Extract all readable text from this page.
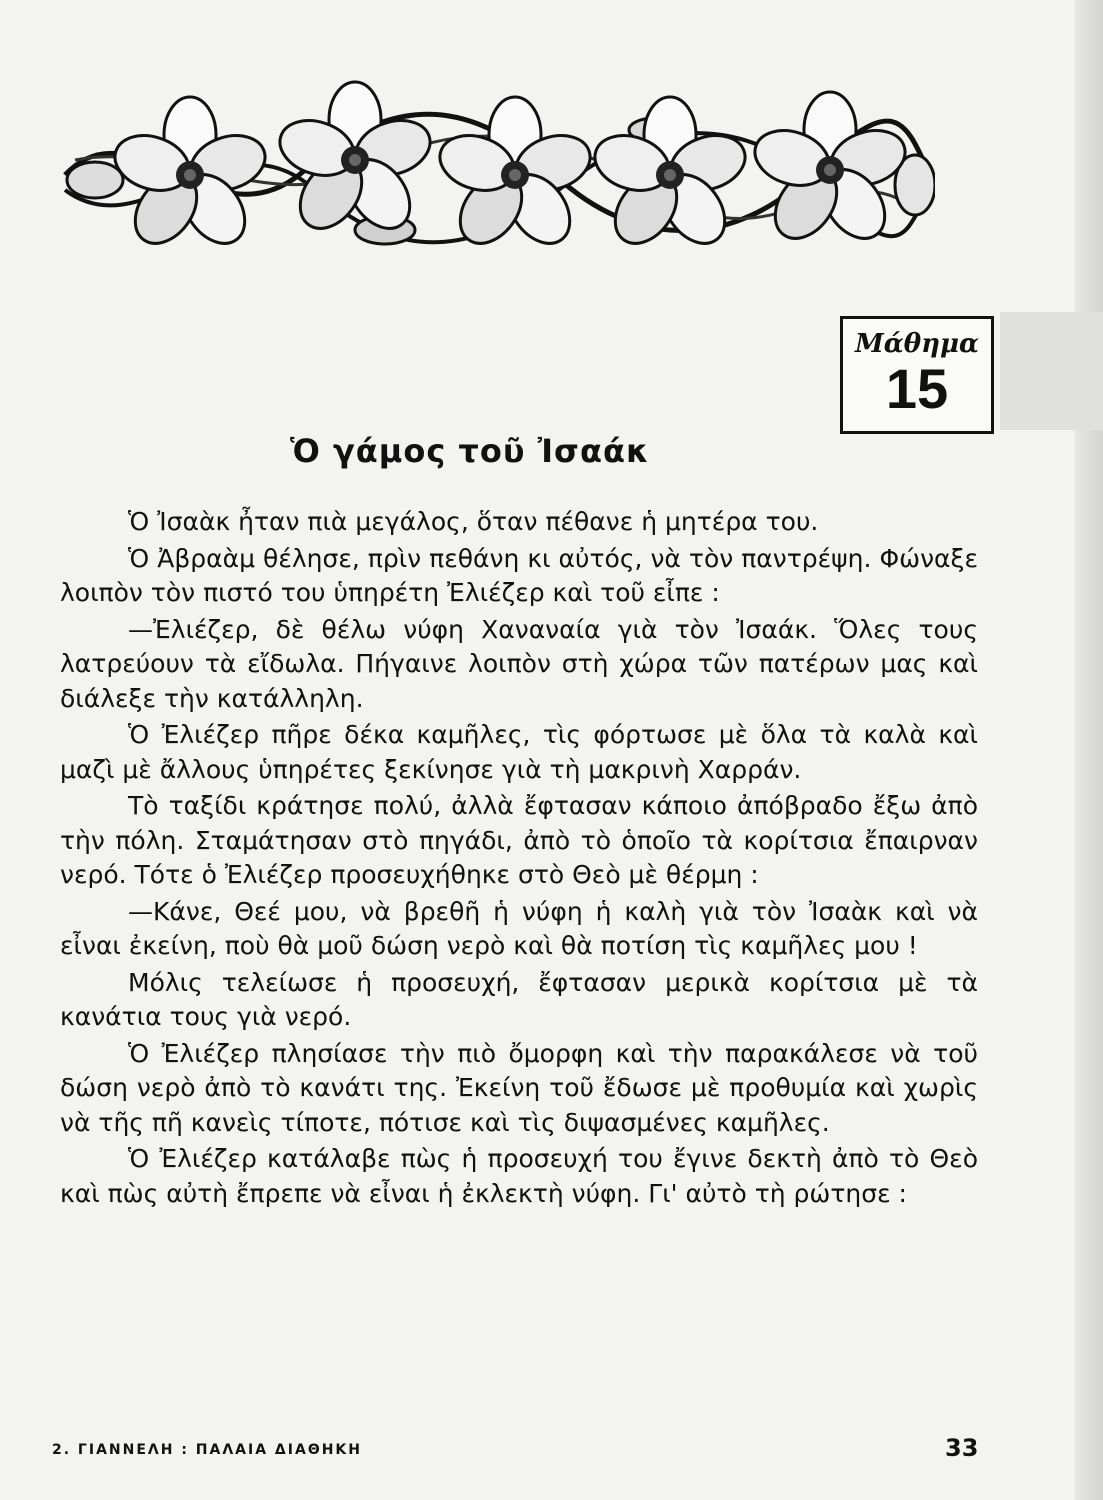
Μάθημα
15
Ὁ γάμος τοῦ Ἰσαάκ

Ὁ Ἰσαὰκ ἦταν πιὰ μεγάλος, ὅταν πέθανε ἡ μητέρα του.

Ὁ Ἀβραὰμ θέλησε, πρὶν πεθάνη κι αὐτός, νὰ τὸν παντρέψη. Φώναξε λοιπὸν τὸν πιστό του ὑπηρέτη Ἐλιέζερ καὶ τοῦ εἶπε :

—Ἐλιέζερ, δὲ θέλω νύφη Χαναναία γιὰ τὸν Ἰσαάκ. Ὅλες τους λατρεύουν τὰ εἴδωλα. Πήγαινε λοιπὸν στὴ χώρα τῶν πατέρων μας καὶ διάλεξε τὴν κατάλληλη.

Ὁ Ἐλιέζερ πῆρε δέκα καμῆλες, τὶς φόρτωσε μὲ ὅλα τὰ καλὰ καὶ μαζὶ μὲ ἄλλους ὑπηρέτες ξεκίνησε γιὰ τὴ μακρινὴ Χαρράν.

Τὸ ταξίδι κράτησε πολύ, ἀλλὰ ἔφτασαν κάποιο ἀπόβραδο ἔξω ἀπὸ τὴν πόλη. Σταμάτησαν στὸ πηγάδι, ἀπὸ τὸ ὁποῖο τὰ κορίτσια ἔπαιρναν νερό. Τότε ὁ Ἐλιέζερ προσευχήθηκε στὸ Θεὸ μὲ θέρμη :

—Κάνε, Θεέ μου, νὰ βρεθῆ ἡ νύφη ἡ καλὴ γιὰ τὸν Ἰσαὰκ καὶ νὰ εἶναι ἐκείνη, ποὺ θὰ μοῦ δώση νερὸ καὶ θὰ ποτίση τὶς καμῆλες μου !

Μόλις τελείωσε ἡ προσευχή, ἔφτασαν μερικὰ κορίτσια μὲ τὰ κανάτια τους γιὰ νερό.

Ὁ Ἐλιέζερ πλησίασε τὴν πιὸ ὄμορφη καὶ τὴν παρακάλεσε νὰ τοῦ δώση νερὸ ἀπὸ τὸ κανάτι της. Ἐκείνη τοῦ ἔδωσε μὲ προθυμία καὶ χωρὶς νὰ τῆς πῆ κανεὶς τίποτε, πότισε καὶ τὶς διψασμένες καμῆλες.

Ὁ Ἐλιέζερ κατάλαβε πὼς ἡ προσευχή του ἔγινε δεκτὴ ἀπὸ τὸ Θεὸ καὶ πὼς αὐτὴ ἔπρεπε νὰ εἶναι ἡ ἐκλεκτὴ νύφη. Γι' αὐτὸ τὴ ρώτησε :

2. ΓΙΑΝΝΕΛΗ : ΠΑΛΑΙΑ ΔΙΑΘΗΚΗ	33
